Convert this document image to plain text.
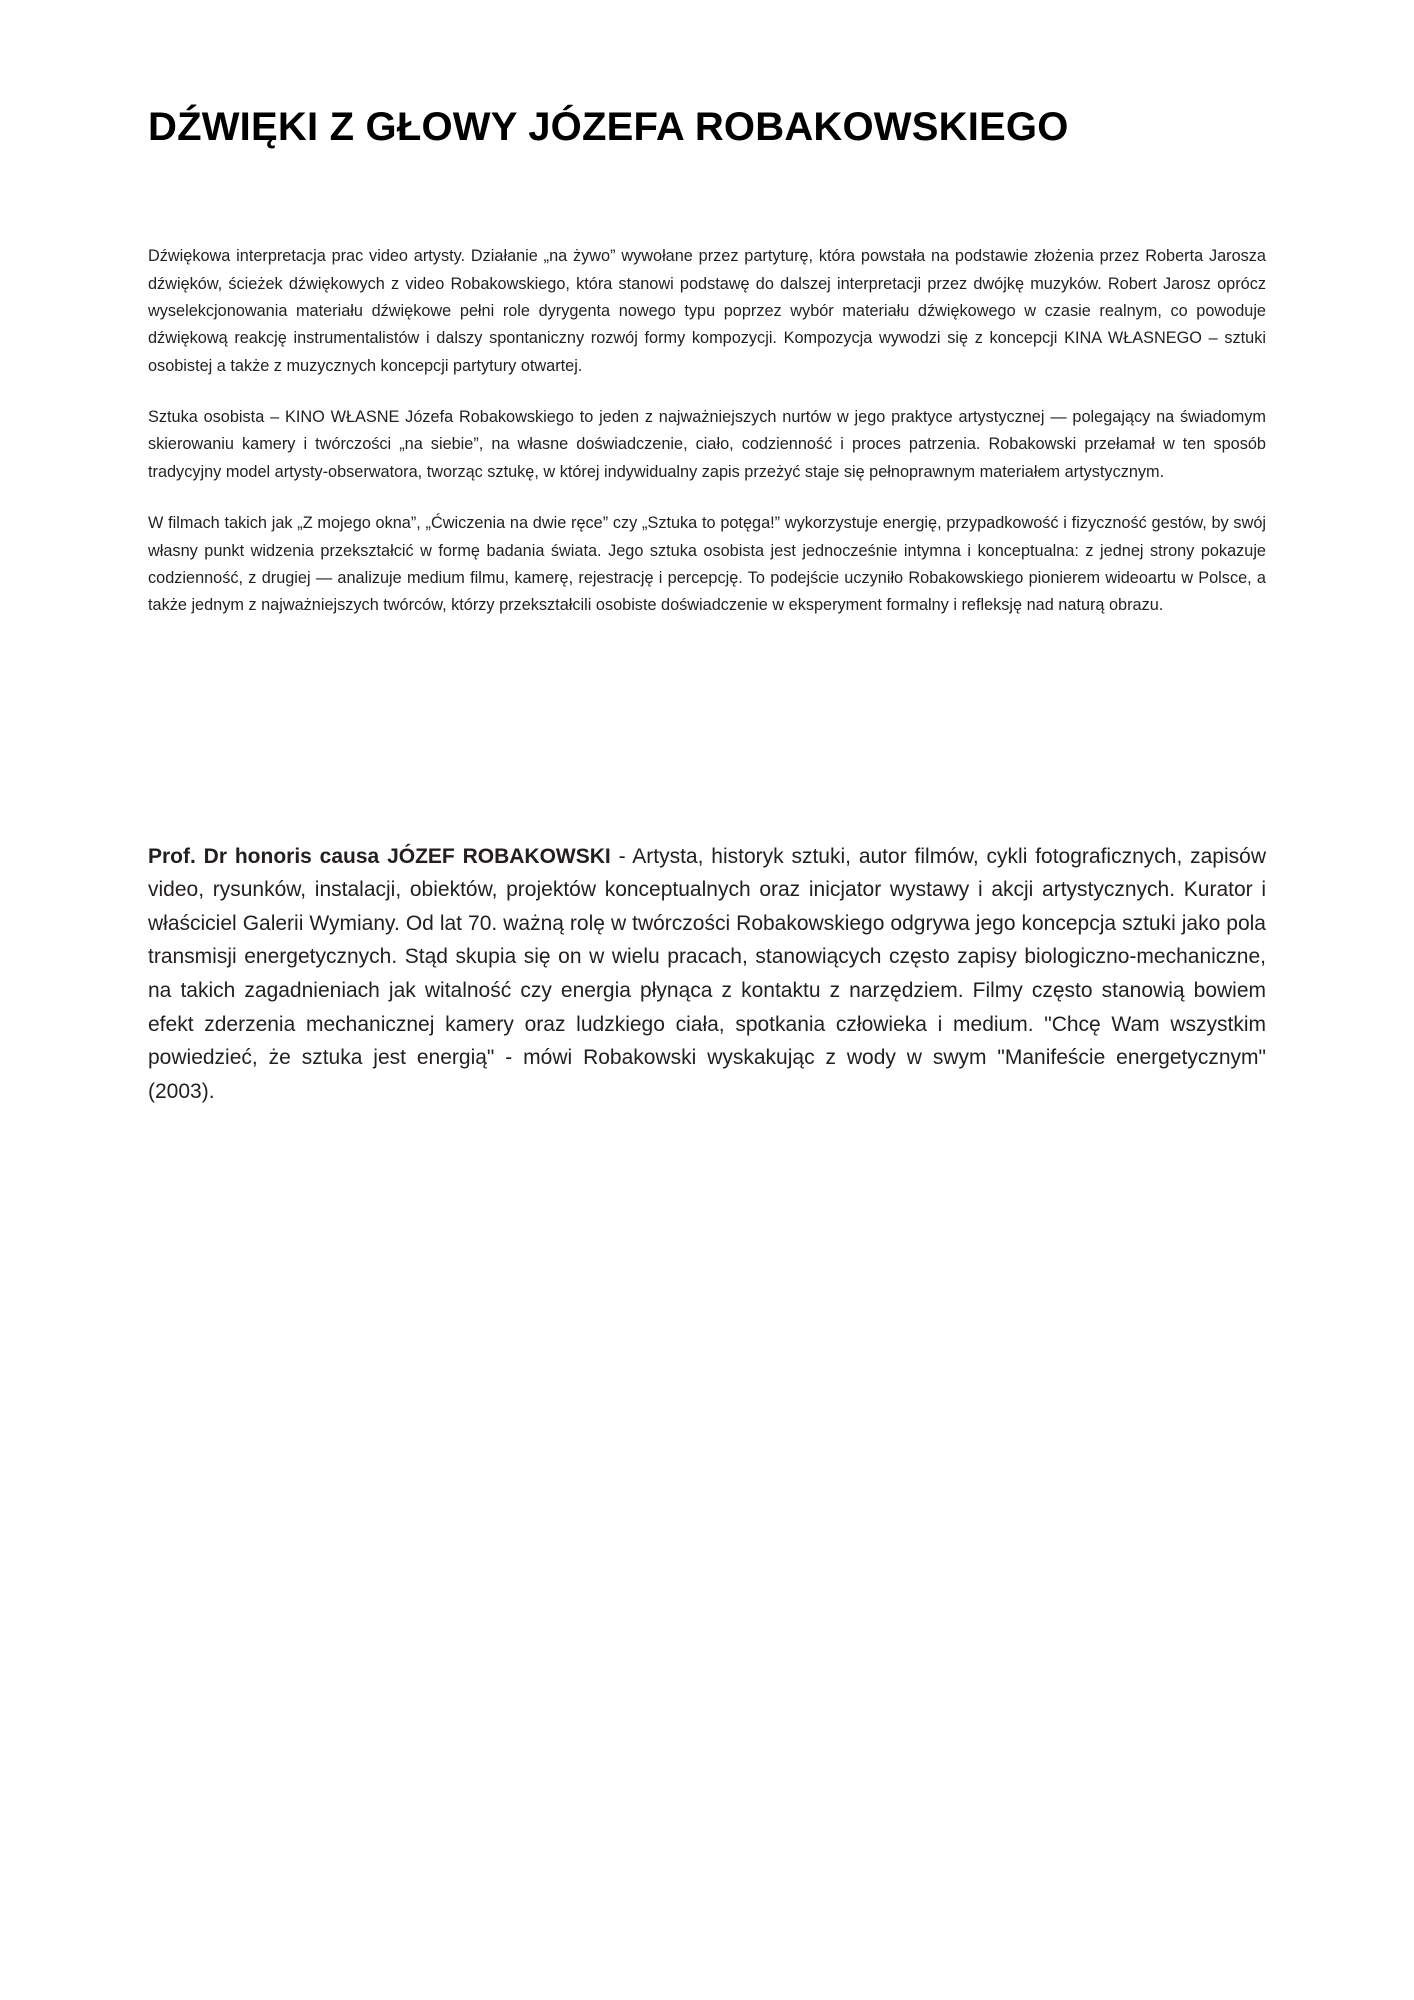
DŹWIĘKI Z GŁOWY JÓZEFA ROBAKOWSKIEGO

Dźwiękowa interpretacja prac video artysty. Działanie „na żywo” wywołane przez partyturę, która powstała na podstawie złożenia przez Roberta Jarosza dźwięków, ścieżek dźwiękowych z video Robakowskiego, która stanowi podstawę do dalszej interpretacji przez dwójkę muzyków. Robert Jarosz oprócz wyselekcjonowania materiału dźwiękowe pełni role dyrygenta nowego typu poprzez wybór materiału dźwiękowego w czasie realnym, co powoduje dźwiękową reakcję instrumentalistów i dalszy spontaniczny rozwój formy kompozycji. Kompozycja wywodzi się z koncepcji KINA WŁASNEGO – sztuki osobistej a także z muzycznych koncepcji partytury otwartej.

Sztuka osobista – KINO WŁASNE Józefa Robakowskiego to jeden z najważniejszych nurtów w jego praktyce artystycznej — polegający na świadomym skierowaniu kamery i twórczości „na siebie”, na własne doświadczenie, ciało, codzienność i proces patrzenia. Robakowski przełamał w ten sposób tradycyjny model artysty-obserwatora, tworząc sztukę, w której indywidualny zapis przeżyć staje się pełnoprawnym materiałem artystycznym.

W filmach takich jak „Z mojego okna”, „Ćwiczenia na dwie ręce” czy „Sztuka to potęga!” wykorzystuje energię, przypadkowość i fizyczność gestów, by swój własny punkt widzenia przekształcić w formę badania świata. Jego sztuka osobista jest jednocześnie intymna i konceptualna: z jednej strony pokazuje codzienność, z drugiej — analizuje medium filmu, kamerę, rejestrację i percepcję. To podejście uczyniło Robakowskiego pionierem wideoartu w Polsce, a także jednym z najważniejszych twórców, którzy przekształcili osobiste doświadczenie w eksperyment formalny i refleksję nad naturą obrazu.

Prof. Dr honoris causa JÓZEF ROBAKOWSKI - Artysta, historyk sztuki, autor filmów, cykli fotograficznych, zapisów video, rysunków, instalacji, obiektów, projektów konceptualnych oraz inicjator wystawy i akcji artystycznych. Kurator i właściciel Galerii Wymiany. Od lat 70. ważną rolę w twórczości Robakowskiego odgrywa jego koncepcja sztuki jako pola transmisji energetycznych. Stąd skupia się on w wielu pracach, stanowiących często zapisy biologiczno-mechaniczne, na takich zagadnieniach jak witalność czy energia płynąca z kontaktu z narzędziem. Filmy często stanowią bowiem efekt zderzenia mechanicznej kamery oraz ludzkiego ciała, spotkania człowieka i medium. "Chcę Wam wszystkim powiedzieć, że sztuka jest energią" - mówi Robakowski wyskakując z wody w swym "Manifeście energetycznym" (2003).
